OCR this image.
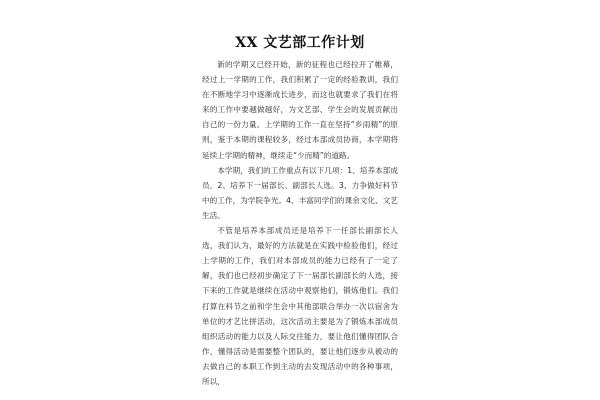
XX 文艺部工作计划

新的学期又已经开始，新的征程也已经拉开了帷幕，经过上一学期的工作，我们积累了一定的经验教训，我们在不断地学习中逐渐成长进步，而这也就要求了我们在将来的工作中要越做越好，为文艺部、学生会的发展贡献出自己的一份力量。上学期的工作一直在坚持“乡雨精”的原则，鉴于本期的课程较多，经过本部成员协商，本学期将延续上学期的精神，继续走“少而精”的道路。

本学期，我们的工作重点有以下几项：1、培养本部成员。2、培养下一届部长、副部长人选。3、力争做好科节中的工作，为学院争光。4、丰富同学们的课余文化、文艺生活。

不管是培养本部成员还是培养下一任部长副部长人选，我们认为，最好的方法就是在实践中检验他们，经过上学期的工作，我们对本部成员的能力已经有了一定了解，我们也已经初步确定了下一届部长副部长的人选，接下来的工作就是继续在活动中观察他们，锻炼他们。我们打算在科节之前和学生会中其他部联合举办一次以宿舍为单位的才艺比拼活动，这次活动主要是为了锻炼本部成员组织活动的能力以及人际交往能力，要让他们懂得团队合作，懂得活动是需要整个团队的，要让他们逐步从被动的去做自己的本职工作到主动的去发现活动中的各种事项，所以，
